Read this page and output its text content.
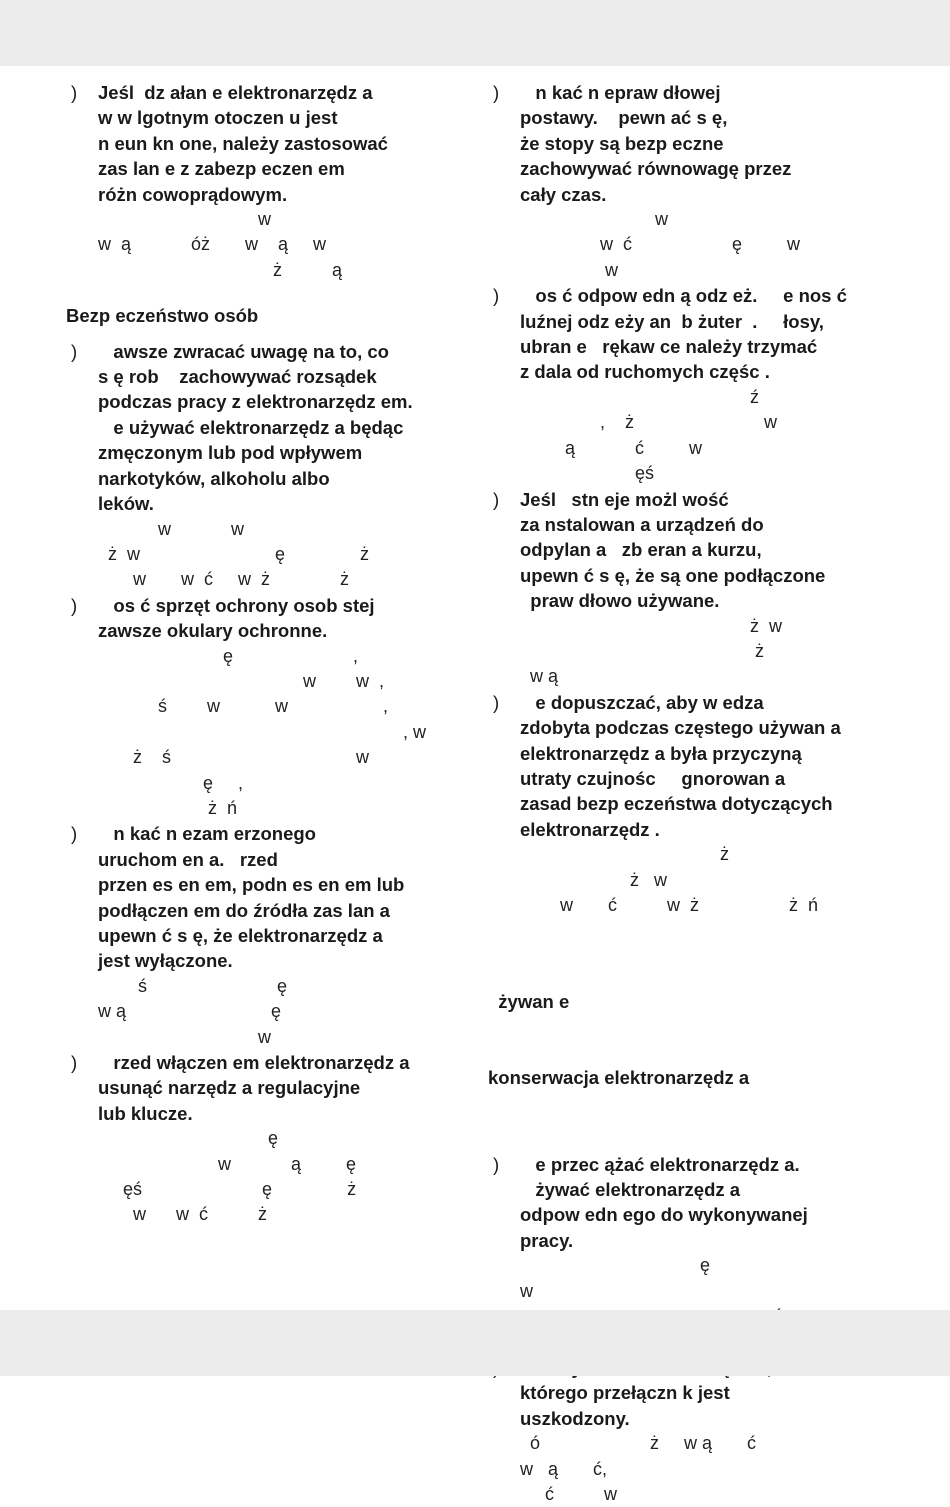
) Jeśl  dz ałan e elektronarzędz a
w w lgotnym otoczen u jest
n eun kn one, należy zastosować
zas lan e z zabezp eczen em
różn cowoprądowym.
w
w  ą            óż       w    ą     w
ż          ą
Bezp eczeństwo osób
)	awsze zwracać uwagę na to, co
s ę rob    zachowywać rozsądek
podczas pracy z elektronarzędz em.
e używać elektronarzędz a będąc
zmęczonym lub pod wpływem
narkotyków, alkoholu albo
leków.
w            w
ż  w                           ę               ż
w       w  ć     w  ż              ż
)	os ć sprzęt ochrony osob stej
zawsze okulary ochronne.
ę                        ,
w        w  ,
ś        w           w                   ,
, w
ż    ś                                     w
ę     ,
ż  ń
)	n kać n ezam erzonego
uruchom en a.   rzed
przen es en em, podn es en em lub
podłączen em do źródła zas lan a
upewn ć s ę, że elektronarzędz a
jest wyłączone.
ś                          ę
w ą                             ę
w
)	rzed włączen em elektronarzędz a
usunąć narzędz a regulacyjne
lub klucze.
ę
w            ą         ę
ęś                        ę               ż
w      w  ć          ż
)	n kać n epraw dłowej
postawy.    pewn ać s ę,
że stopy są bezp eczne
zachowywać równowagę przez
cały czas.
w
w  ć                    ę         w
w
)	os ć odpow edn ą odz eż.     e nos ć
luźnej odz eży an  b żuter  .     łosy,
ubran e   rękaw ce należy trzymać
z dala od ruchomych częśc .
ź
,    ż                          w
ą            ć         w
ęś
) Jeśl   stn eje możl wość
za nstalowan a urządzeń do
odpylan a   zb eran a kurzu,
upewn ć s ę, że są one podłączone
praw dłowo używane.
ż  w
ż
w ą
)	e dopuszczać, aby w edza
zdobyta podczas częstego używan a
elektronarzędz a była przyczyną
utraty czujnośc     gnorowan a
zasad bezp eczeństwa dotyczących
elektronarzędz .
ż
ż   w
w       ć          w  ż                  ż  ń

żywan e

konserwacja elektronarzędz a

)	e przec ążać elektronarzędz a.
żywać elektronarzędz a
odpow edn ego do wykonywanej
pracy.
ę
w

którego przełączn k jest
uszkodzony.
ó                      ż     w ą       ć
w   ą       ć,
ć          w
